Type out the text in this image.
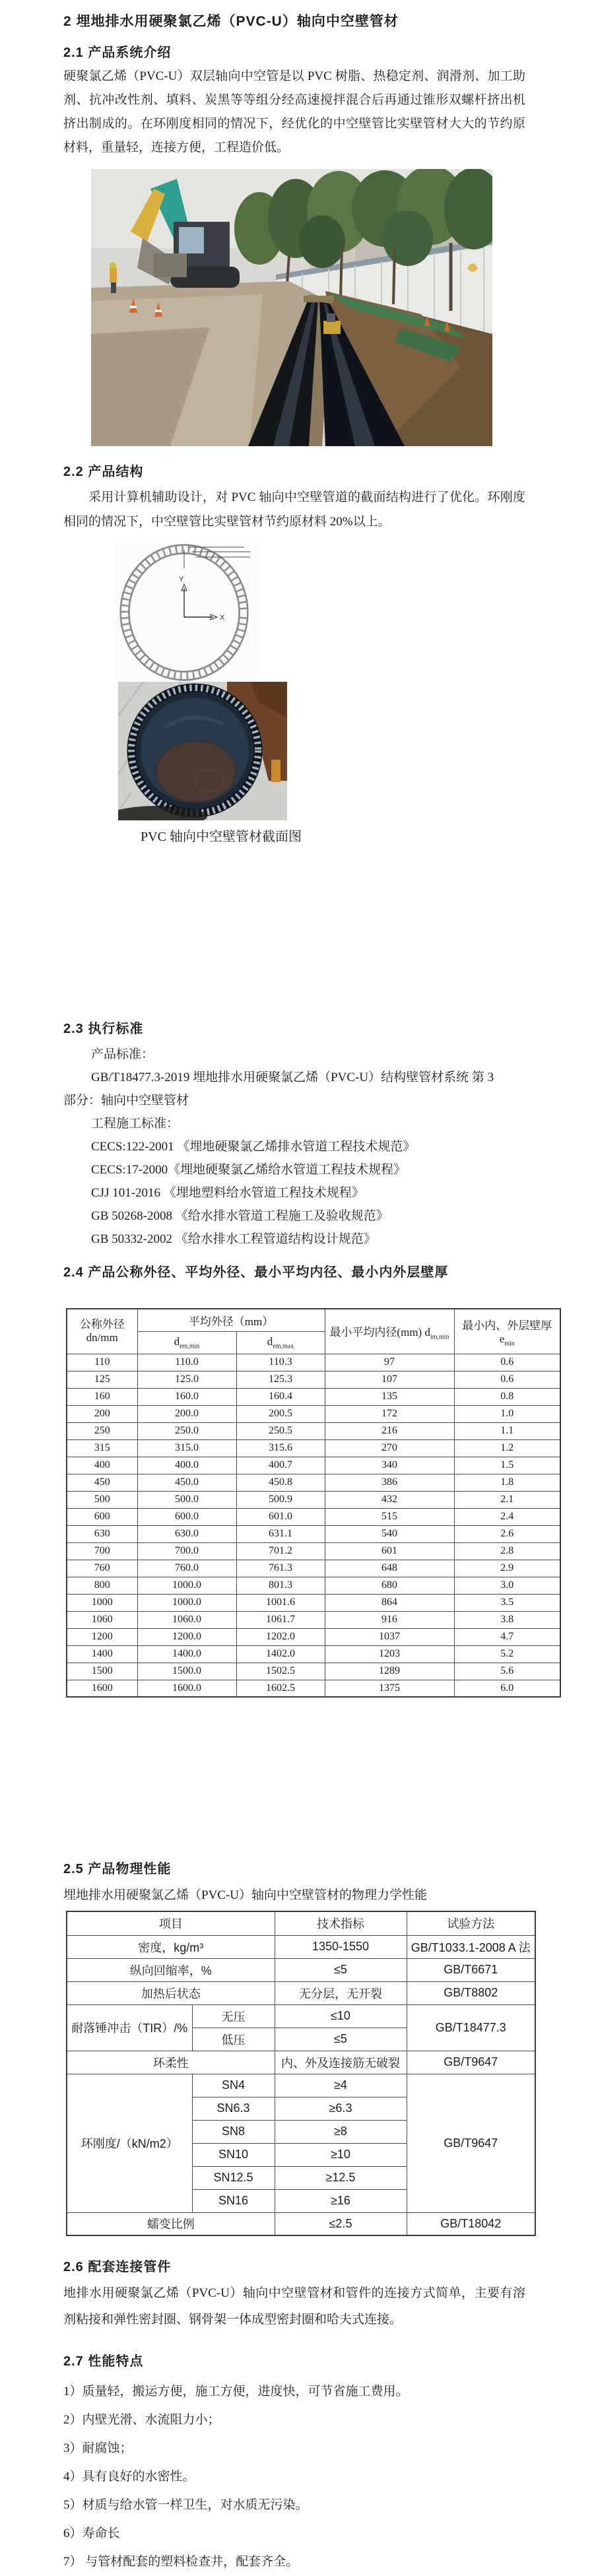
2 埋地排水用硬聚氯乙烯（PVC-U）轴向中空壁管材
2.1 产品系统介绍
硬聚氯乙烯（PVC-U）双层轴向中空管是以 PVC 树脂、热稳定剂、润滑剂、加工助剂、抗冲改性剂、填料、炭黑等等组分经高速搅拌混合后再通过锥形双螺杆挤出机挤出制成的。在环刚度相同的情况下，经优化的中空壁管比实壁管材大大的节约原材料，重量轻，连接方便，工程造价低。
2.2 产品结构
采用计算机辅助设计，对 PVC 轴向中空壁管道的截面结构进行了优化。环刚度相同的情况下，中空壁管比实壁管材节约原材料 20%以上。
Y
X

PVC 轴向中空壁管材截面图
2.3 执行标准
产品标准：
GB/T18477.3-2019 埋地排水用硬聚氯乙烯（PVC-U）结构壁管材系统 第 3
部分：轴向中空壁管材
工程施工标准：
CECS:122-2001 《埋地硬聚氯乙烯排水管道工程技术规范》
CECS:17-2000《埋地硬聚氯乙烯给水管道工程技术规程》
CJJ 101-2016 《埋地塑料给水管道工程技术规程》
GB 50268-2008 《给水排水管道工程施工及验收规范》
GB 50332-2002 《给水排水工程管道结构设计规范》
2.4 产品公称外径、平均外径、最小平均内径、最小内外层壁厚
公称外径
dn/mm	平均外径（mm）		最小平均内径(mm) $d_{im,min}$	最小内、外层壁厚 $e_{min}$
	$d_{em,min}$	$d_{em,max}$
110	110.0	110.3	97	0.6
125	125.0	125.3	107	0.6
160	160.0	160.4	135	0.8
200	200.0	200.5	172	1.0
250	250.0	250.5	216	1.1
315	315.0	315.6	270	1.2
400	400.0	400.7	340	1.5
450	450.0	450.8	386	1.8
500	500.0	500.9	432	2.1
600	600.0	601.0	515	2.4
630	630.0	631.1	540	2.6
700	700.0	701.2	601	2.8
760	760.0	761.3	648	2.9
800	1000.0	801.3	680	3.0
1000	1000.0	1001.6	864	3.5
1060	1060.0	1061.7	916	3.8
1200	1200.0	1202.0	1037	4.7
1400	1400.0	1402.0	1203	5.2
1500	1500.0	1502.5	1289	5.6
1600	1600.0	1602.5	1375	6.0
2.5 产品物理性能
埋地排水用硬聚氯乙烯（PVC-U）轴向中空壁管材的物理力学性能
项目		技术指标	试验方法
密度，kg/m³		1350-1550	GB/T1033.1-2008 A 法
纵向回缩率，%		≤5	GB/T6671
加热后状态		无分层，无开裂	GB/T8802
耐落锤冲击（TIR）/%	无压	≤10	GB/T18477.3
	低压	≤5	
环柔性		内、外及连接筋无破裂	GB/T9647
环刚度/（kN/m2）	SN4	≥4	GB/T9647
	SN6.3	≥6.3	
	SN8	≥8	
	SN10	≥10	
	SN12.5	≥12.5	
	SN16	≥16	
蠕变比例		≤2.5	GB/T18042
2.6 配套连接管件
地排水用硬聚氯乙烯（PVC-U）轴向中空壁管材和管件的连接方式简单，主要有溶剂粘接和弹性密封圈、钢骨架一体成型密封圈和哈夫式连接。
2.7 性能特点
1）质量轻，搬运方便，施工方便，进度快，可节省施工费用。
2）内壁光滑、水流阻力小；
3）耐腐蚀；
4）具有良好的水密性。
5）材质与给水管一样卫生，对水质无污染。
6）寿命长
7） 与管材配套的塑料检查井，配套齐全。
